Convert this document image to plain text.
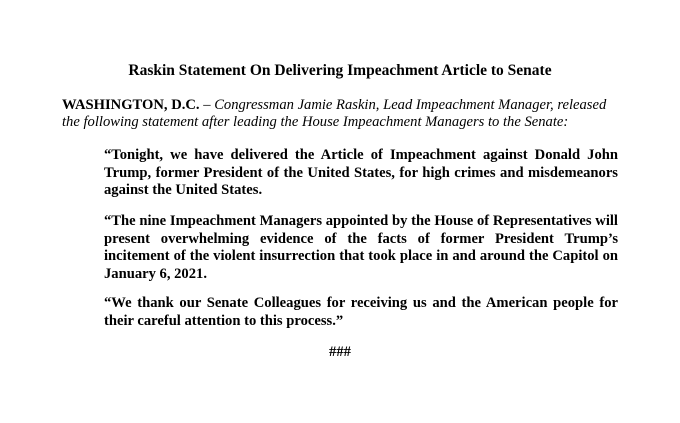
Raskin Statement On Delivering Impeachment Article to Senate
WASHINGTON, D.C. – Congressman Jamie Raskin, Lead Impeachment Manager, released the following statement after leading the House Impeachment Managers to the Senate:
“Tonight, we have delivered the Article of Impeachment against Donald John Trump, former President of the United States, for high crimes and misdemeanors against the United States.
“The nine Impeachment Managers appointed by the House of Representatives will present overwhelming evidence of the facts of former President Trump’s incitement of the violent insurrection that took place in and around the Capitol on January 6, 2021.
“We thank our Senate Colleagues for receiving us and the American people for their careful attention to this process.”
###
